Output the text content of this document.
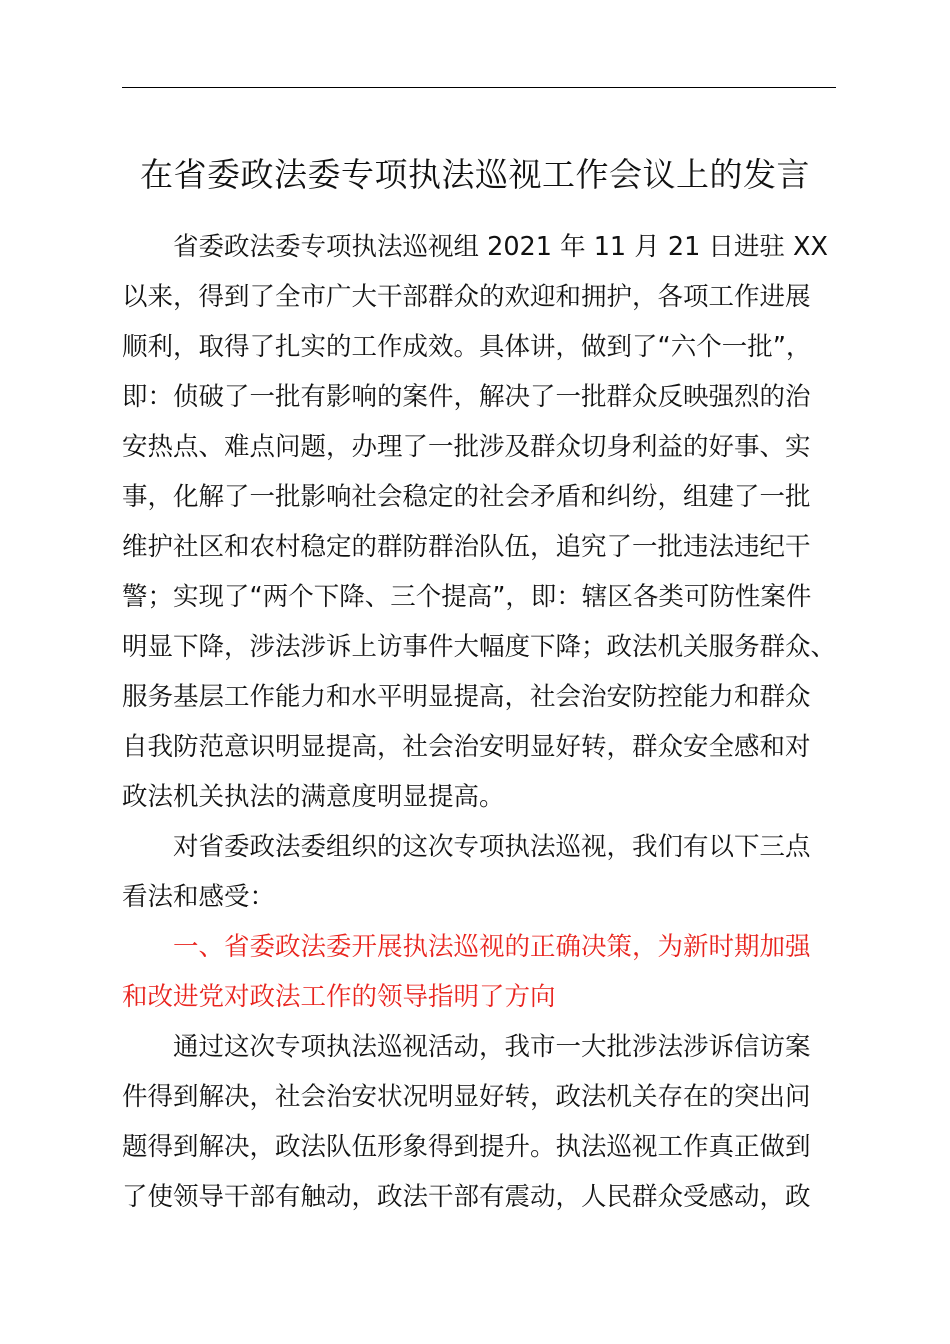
在省委政法委专项执法巡视工作会议上的发言
省委政法委专项执法巡视组 2021 年 11 月 21 日进驻 XX
以来，得到了全市广大干部群众的欢迎和拥护，各项工作进展
顺利，取得了扎实的工作成效。具体讲，做到了“六个一批”，
即：侦破了一批有影响的案件，解决了一批群众反映强烈的治
安热点、难点问题，办理了一批涉及群众切身利益的好事、实
事，化解了一批影响社会稳定的社会矛盾和纠纷，组建了一批
维护社区和农村稳定的群防群治队伍，追究了一批违法违纪干
警；实现了“两个下降、三个提高”，即：辖区各类可防性案件
明显下降，涉法涉诉上访事件大幅度下降；政法机关服务群众、
服务基层工作能力和水平明显提高，社会治安防控能力和群众
自我防范意识明显提高，社会治安明显好转，群众安全感和对
政法机关执法的满意度明显提高。
对省委政法委组织的这次专项执法巡视，我们有以下三点
看法和感受：
一、省委政法委开展执法巡视的正确决策，为新时期加强
和改进党对政法工作的领导指明了方向
通过这次专项执法巡视活动，我市一大批涉法涉诉信访案
件得到解决，社会治安状况明显好转，政法机关存在的突出问
题得到解决，政法队伍形象得到提升。执法巡视工作真正做到
了使领导干部有触动，政法干部有震动，人民群众受感动，政
